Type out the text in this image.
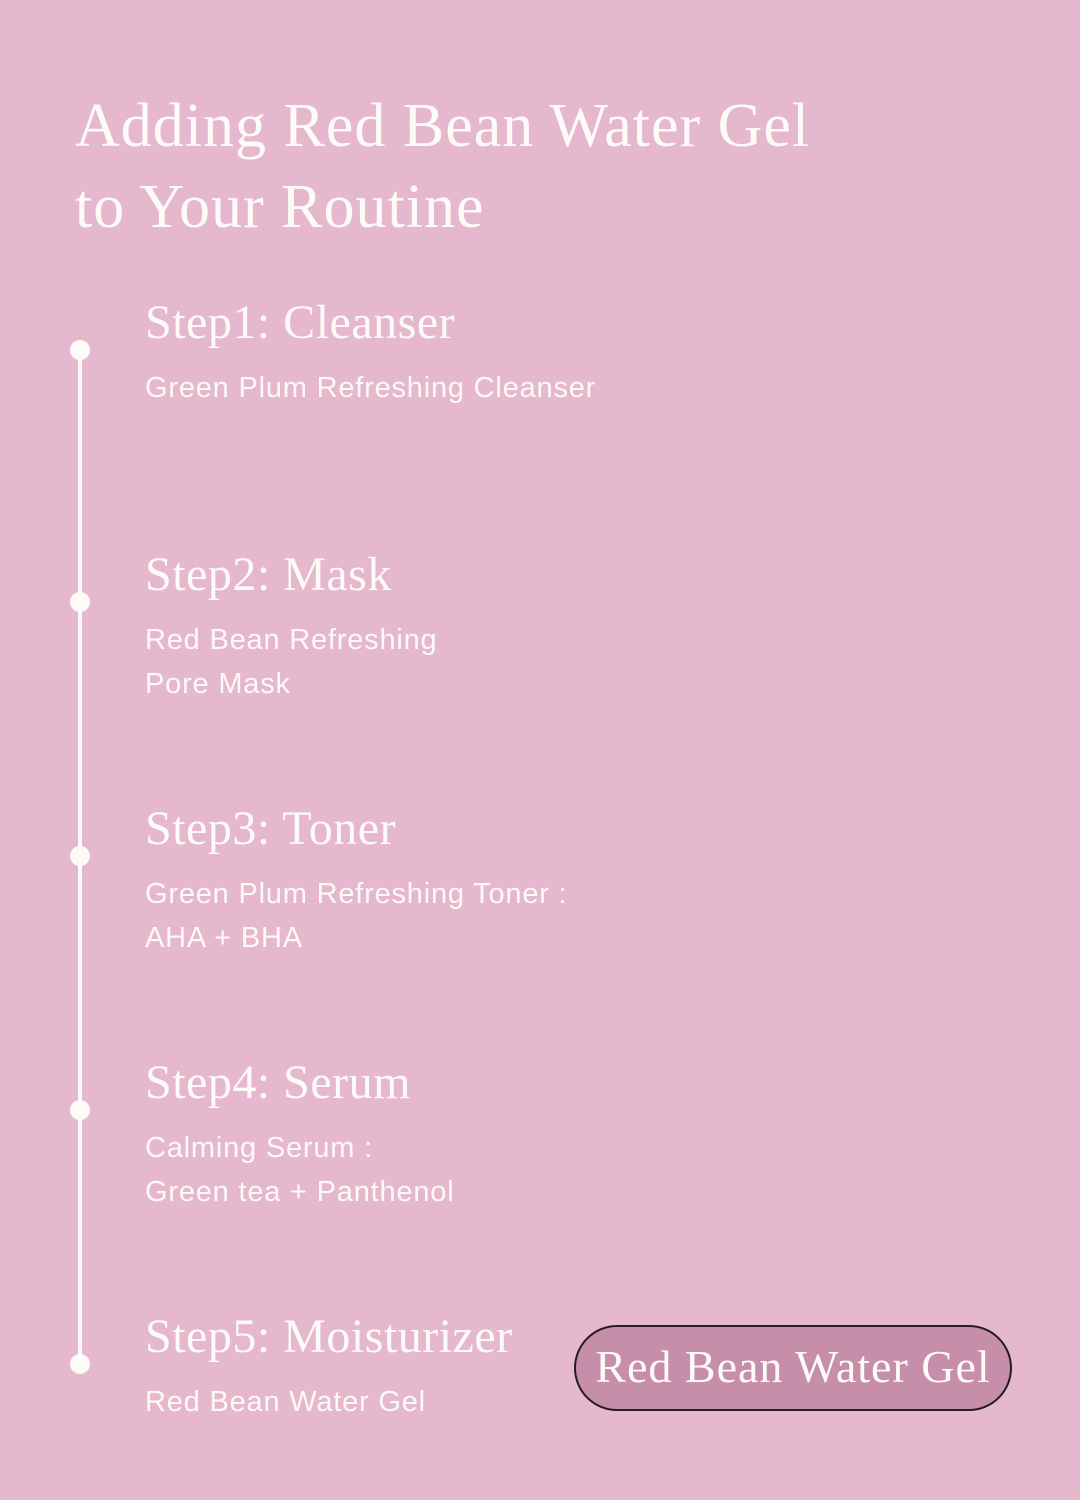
Adding Red Bean Water Gel
to Your Routine
Step1: Cleanser

Green Plum Refreshing Cleanser

Step2: Mask

Red Bean Refreshing

Pore Mask

Step3: Toner

Green Plum Refreshing Toner :

AHA + BHA

Step4: Serum

Calming Serum :

Green tea + Panthenol

Step5: Moisturizer

Red Bean Water Gel

Red Bean Water Gel
